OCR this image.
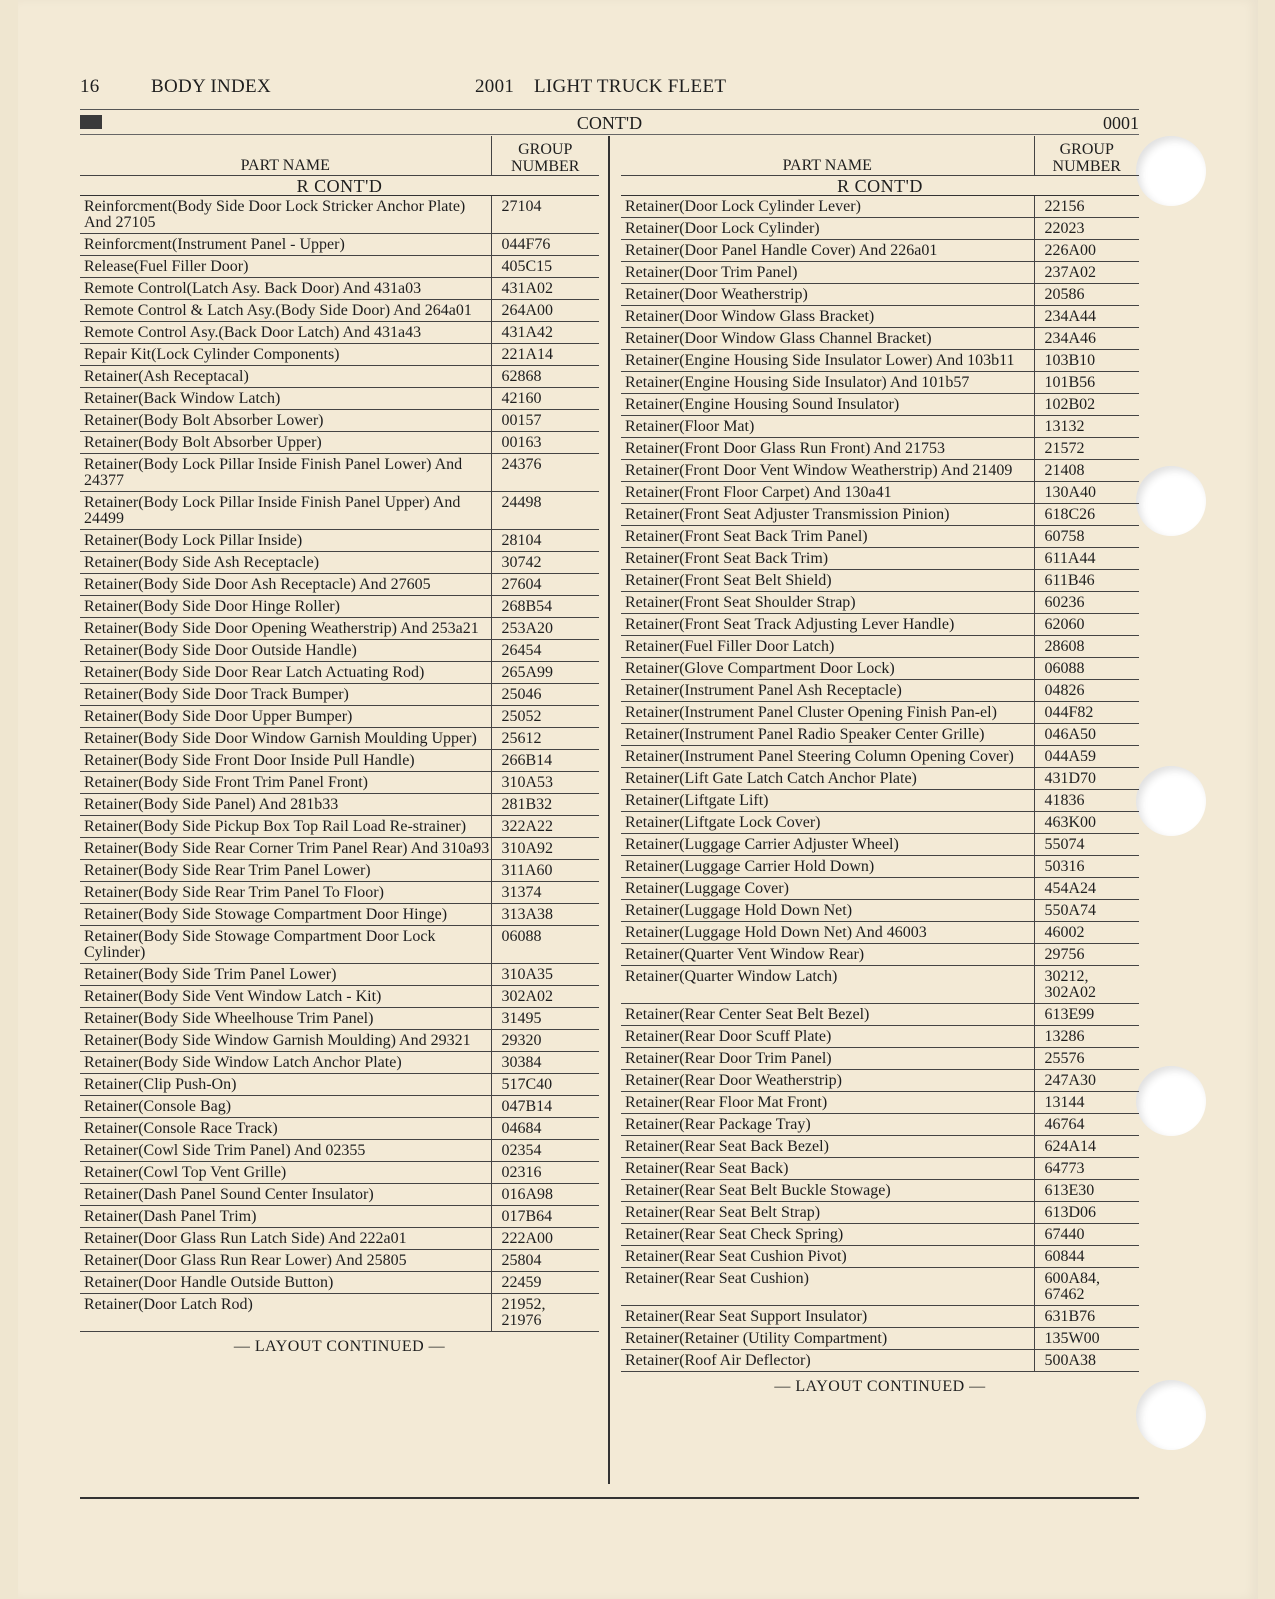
16	BODY INDEX	2001 LIGHT TRUCK FLEET
CONT'D	0001
PART NAME	GROUP
NUMBER
R CONT'D	
Reinforcment(Body Side Door Lock Stricker Anchor Plate) And 27105	27104
Reinforcment(Instrument Panel - Upper)	044F76
Release(Fuel Filler Door)	405C15
Remote Control(Latch Asy. Back Door) And 431a03	431A02
Remote Control & Latch Asy.(Body Side Door) And 264a01	264A00
Remote Control Asy.(Back Door Latch) And 431a43	431A42
Repair Kit(Lock Cylinder Components)	221A14
Retainer(Ash Receptacal)	62868
Retainer(Back Window Latch)	42160
Retainer(Body Bolt Absorber Lower)	00157
Retainer(Body Bolt Absorber Upper)	00163
Retainer(Body Lock Pillar Inside Finish Panel Lower) And 24377	24376
Retainer(Body Lock Pillar Inside Finish Panel Upper) And 24499	24498
Retainer(Body Lock Pillar Inside)	28104
Retainer(Body Side Ash Receptacle)	30742
Retainer(Body Side Door Ash Receptacle) And 27605	27604
Retainer(Body Side Door Hinge Roller)	268B54
Retainer(Body Side Door Opening Weatherstrip) And 253a21	253A20
Retainer(Body Side Door Outside Handle)	26454
Retainer(Body Side Door Rear Latch Actuating Rod)	265A99
Retainer(Body Side Door Track Bumper)	25046
Retainer(Body Side Door Upper Bumper)	25052
Retainer(Body Side Door Window Garnish Moulding Upper)	25612
Retainer(Body Side Front Door Inside Pull Handle)	266B14
Retainer(Body Side Front Trim Panel Front)	310A53
Retainer(Body Side Panel) And 281b33	281B32
Retainer(Body Side Pickup Box Top Rail Load Re-strainer)	322A22
Retainer(Body Side Rear Corner Trim Panel Rear) And 310a93	310A92
Retainer(Body Side Rear Trim Panel Lower)	311A60
Retainer(Body Side Rear Trim Panel To Floor)	31374
Retainer(Body Side Stowage Compartment Door Hinge)	313A38
Retainer(Body Side Stowage Compartment Door Lock Cylinder)	06088
Retainer(Body Side Trim Panel Lower)	310A35
Retainer(Body Side Vent Window Latch - Kit)	302A02
Retainer(Body Side Wheelhouse Trim Panel)	31495
Retainer(Body Side Window Garnish Moulding) And 29321	29320
Retainer(Body Side Window Latch Anchor Plate)	30384
Retainer(Clip Push-On)	517C40
Retainer(Console Bag)	047B14
Retainer(Console Race Track)	04684
Retainer(Cowl Side Trim Panel) And 02355	02354
Retainer(Cowl Top Vent Grille)	02316
Retainer(Dash Panel Sound Center Insulator)	016A98
Retainer(Dash Panel Trim)	017B64
Retainer(Door Glass Run Latch Side) And 222a01	222A00
Retainer(Door Glass Run Rear Lower) And 25805	25804
Retainer(Door Handle Outside Button)	22459
Retainer(Door Latch Rod)	21952,
21976
— LAYOUT CONTINUED —
PART NAME	GROUP
NUMBER
R CONT'D	
Retainer(Door Lock Cylinder Lever)	22156
Retainer(Door Lock Cylinder)	22023
Retainer(Door Panel Handle Cover) And 226a01	226A00
Retainer(Door Trim Panel)	237A02
Retainer(Door Weatherstrip)	20586
Retainer(Door Window Glass Bracket)	234A44
Retainer(Door Window Glass Channel Bracket)	234A46
Retainer(Engine Housing Side Insulator Lower) And 103b11	103B10
Retainer(Engine Housing Side Insulator) And 101b57	101B56
Retainer(Engine Housing Sound Insulator)	102B02
Retainer(Floor Mat)	13132
Retainer(Front Door Glass Run Front) And 21753	21572
Retainer(Front Door Vent Window Weatherstrip) And 21409	21408
Retainer(Front Floor Carpet) And 130a41	130A40
Retainer(Front Seat Adjuster Transmission Pinion)	618C26
Retainer(Front Seat Back Trim Panel)	60758
Retainer(Front Seat Back Trim)	611A44
Retainer(Front Seat Belt Shield)	611B46
Retainer(Front Seat Shoulder Strap)	60236
Retainer(Front Seat Track Adjusting Lever Handle)	62060
Retainer(Fuel Filler Door Latch)	28608
Retainer(Glove Compartment Door Lock)	06088
Retainer(Instrument Panel Ash Receptacle)	04826
Retainer(Instrument Panel Cluster Opening Finish Pan-el)	044F82
Retainer(Instrument Panel Radio Speaker Center Grille)	046A50
Retainer(Instrument Panel Steering Column Opening Cover)	044A59
Retainer(Lift Gate Latch Catch Anchor Plate)	431D70
Retainer(Liftgate Lift)	41836
Retainer(Liftgate Lock Cover)	463K00
Retainer(Luggage Carrier Adjuster Wheel)	55074
Retainer(Luggage Carrier Hold Down)	50316
Retainer(Luggage Cover)	454A24
Retainer(Luggage Hold Down Net)	550A74
Retainer(Luggage Hold Down Net) And 46003	46002
Retainer(Quarter Vent Window Rear)	29756
Retainer(Quarter Window Latch)	30212,
302A02
Retainer(Rear Center Seat Belt Bezel)	613E99
Retainer(Rear Door Scuff Plate)	13286
Retainer(Rear Door Trim Panel)	25576
Retainer(Rear Door Weatherstrip)	247A30
Retainer(Rear Floor Mat Front)	13144
Retainer(Rear Package Tray)	46764
Retainer(Rear Seat Back Bezel)	624A14
Retainer(Rear Seat Back)	64773
Retainer(Rear Seat Belt Buckle Stowage)	613E30
Retainer(Rear Seat Belt Strap)	613D06
Retainer(Rear Seat Check Spring)	67440
Retainer(Rear Seat Cushion Pivot)	60844
Retainer(Rear Seat Cushion)	600A84,
67462
Retainer(Rear Seat Support Insulator)	631B76
Retainer(Retainer (Utility Compartment)	135W00
Retainer(Roof Air Deflector)	500A38
— LAYOUT CONTINUED —
